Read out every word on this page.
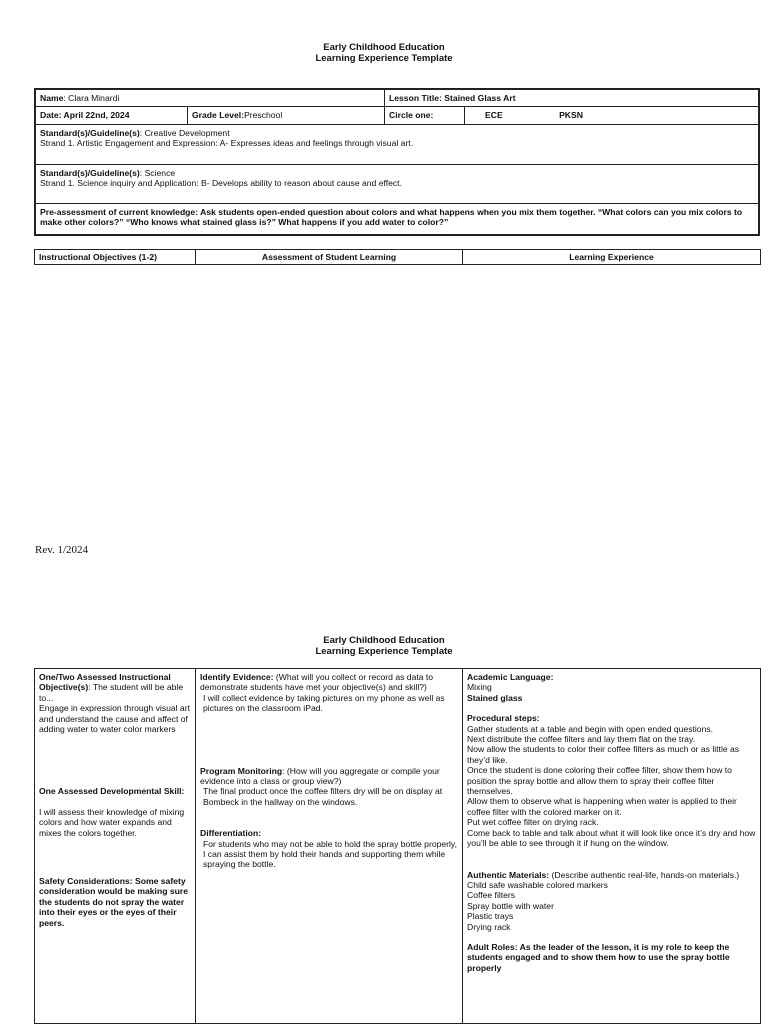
Early Childhood Education
Learning Experience Template
Name: Clara Minardi		Lesson Title: Stained Glass Art	
Date: April 22nd, 2024	Grade Level:Preschool	Circle one:	ECE PKSN
Standard(s)/Guideline(s): Creative Development
Strand 1. Artistic Engagement and Expression: A- Expresses ideas and feelings through visual art.			
Standard(s)/Guideline(s): Science
Strand 1. Science inquiry and Application: B- Develops ability to reason about cause and effect.			
Pre-assessment of current knowledge: Ask students open-ended question about colors and what happens when you mix them together. “What colors can you mix colors to make other colors?” “Who knows what stained glass is?” What happens if you add water to color?”			
Instructional Objectives (1-2)	Assessment of Student Learning	Learning Experience
Rev. 1/2024
Early Childhood Education
Learning Experience Template
One/Two Assessed Instructional Objective(s): The student will be able to...
Engage in expression through visual art and understand the cause and affect of adding water to water color markers
One Assessed Developmental Skill:
I will assess their knowledge of mixing colors and how water expands and mixes the colors together.
Safety Considerations: Some safety consideration would be making sure the students do not spray the water into their eyes or the eyes of their peers.
	Identify Evidence: (What will you collect or record as data to demonstrate students have met your objective(s) and skill?)
I will collect evidence by taking pictures on my phone as well as pictures on the classroom iPad.
Program Monitoring: (How will you aggregate or compile your evidence into a class or group view?)
The final product once the coffee filters dry will be on display at Bombeck in the hallway on the windows.
Differentiation:
For students who may not be able to hold the spray bottle properly, I can assist them by hold their hands and supporting them while spraying the bottle.

Academic Language:
Mixing
Stained glass
Procedural steps:
Gather students at a table and begin with open ended questions.
Next distribute the coffee filters and lay them flat on the tray.
Now allow the students to color their coffee filters as much or as little as they’d like.
Once the student is done coloring their coffee filter, show them how to position the spray bottle and allow them to spray their coffee filter themselves.
Allow them to observe what is happening when water is applied to their coffee filter with the colored marker on it.
Put wet coffee filter on drying rack.
Come back to table and talk about what it will look like once it’s dry and how you’ll be able to see through it if hung on the window.
Authentic Materials: (Describe authentic real-life, hands-on materials.)
Child safe washable colored markers
Coffee filters
Spray bottle with water
Plastic trays
Drying rack
Adult Roles: As the leader of the lesson, it is my role to keep the students engaged and to show them how to use the spray bottle properly
